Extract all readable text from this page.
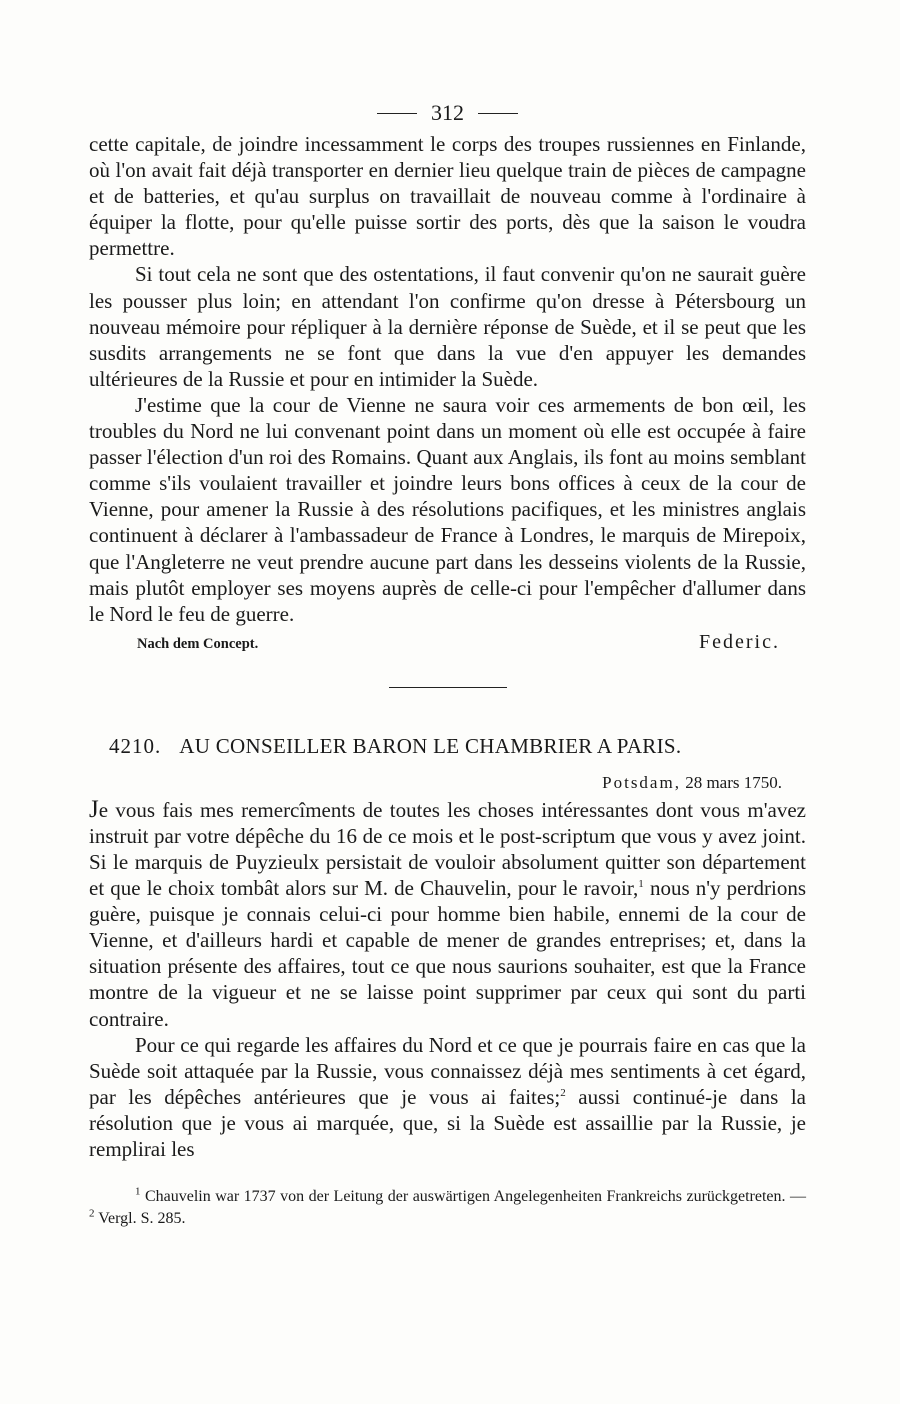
312

cette capitale, de joindre incessamment le corps des troupes russiennes en Finlande, où l'on avait fait déjà transporter en dernier lieu quelque train de pièces de campagne et de batteries, et qu'au surplus on travaillait de nouveau comme à l'ordinaire à équiper la flotte, pour qu'elle puisse sortir des ports, dès que la saison le voudra permettre.

Si tout cela ne sont que des ostentations, il faut convenir qu'on ne saurait guère les pousser plus loin; en attendant l'on confirme qu'on dresse à Pétersbourg un nouveau mémoire pour répliquer à la dernière réponse de Suède, et il se peut que les susdits arrangements ne se font que dans la vue d'en appuyer les demandes ultérieures de la Russie et pour en intimider la Suède.

J'estime que la cour de Vienne ne saura voir ces armements de bon œil, les troubles du Nord ne lui convenant point dans un moment où elle est occupée à faire passer l'élection d'un roi des Romains. Quant aux Anglais, ils font au moins semblant comme s'ils voulaient travailler et joindre leurs bons offices à ceux de la cour de Vienne, pour amener la Russie à des résolutions pacifiques, et les ministres anglais continuent à déclarer à l'ambassadeur de France à Londres, le marquis de Mirepoix, que l'Angleterre ne veut prendre aucune part dans les desseins violents de la Russie, mais plutôt employer ses moyens auprès de celle-ci pour l'empêcher d'allumer dans le Nord le feu de guerre.

Nach dem Concept.	Federic.
4210. AU CONSEILLER BARON LE CHAMBRIER A PARIS.
Potsdam, 28 mars 1750.

Je vous fais mes remercîments de toutes les choses intéressantes dont vous m'avez instruit par votre dépêche du 16 de ce mois et le post-scriptum que vous y avez joint. Si le marquis de Puyzieulx persistait de vouloir absolument quitter son département et que le choix tombât alors sur M. de Chauvelin, pour le ravoir,$^1$ nous n'y perdrions guère, puisque je connais celui-ci pour homme bien habile, ennemi de la cour de Vienne, et d'ailleurs hardi et capable de mener de grandes entreprises; et, dans la situation présente des affaires, tout ce que nous saurions souhaiter, est que la France montre de la vigueur et ne se laisse point supprimer par ceux qui sont du parti contraire.

Pour ce qui regarde les affaires du Nord et ce que je pourrais faire en cas que la Suède soit attaquée par la Russie, vous connaissez déjà mes sentiments à cet égard, par les dépêches antérieures que je vous ai faites;$^2$ aussi continué-je dans la résolution que je vous ai marquée, que, si la Suède est assaillie par la Russie, je remplirai les

$^1$ Chauvelin war 1737 von der Leitung der auswärtigen Angelegenheiten Frankreichs zurückgetreten. — $^2$ Vergl. S. 285.
